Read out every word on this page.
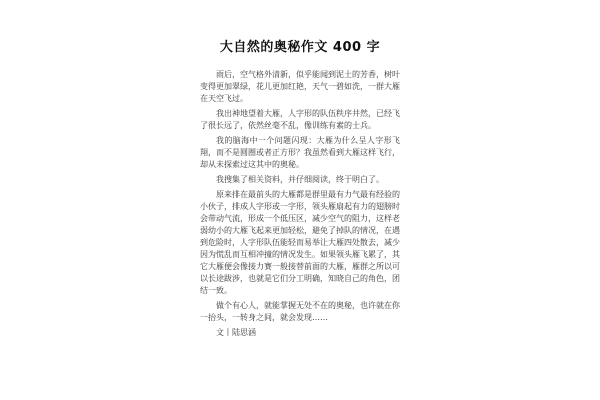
大自然的奥秘作文 400 字

雨后，空气格外清新，似乎能闻到泥土的芳香，树叶变得更加翠绿，花儿更加红艳，天气一碧如洗，一群大雁在天空飞过。

我出神地望着大雁，人字形的队伍秩序井然，已经飞了很长远了，依然丝毫不乱，像训练有素的士兵。

我的脑海中一个问题闪现：大雁为什么呈人字形飞翔，而不是圆圈或者正方形？我虽然看到大雁这样飞行，却从未探索过这其中的奥秘。

我搜集了相关资料，并仔细阅读，终于明白了。

原来排在最前头的大雁都是群里最有力气最有经验的小伙子，排成人字形或一字形，领头雁扇起有力的翅膀时会带动气流，形成一个低压区，减少空气的阻力，这样老弱幼小的大雁飞起来更加轻松，避免了掉队的情况，在遇到危险时，人字形队伍能轻而易举让大雁四处散去，减少因为慌乱而互相冲撞的情况发生。如果领头雁飞累了，其它大雁便会像接力赛一般接替前面的大雁，雁群之所以可以长途跋涉，也就是它们分工明确，知晓自己的角色，团结一致。

做个有心人，就能掌握无处不在的奥秘，也许就在你一抬头，一转身之间，就会发现……

文丨陆思涵
